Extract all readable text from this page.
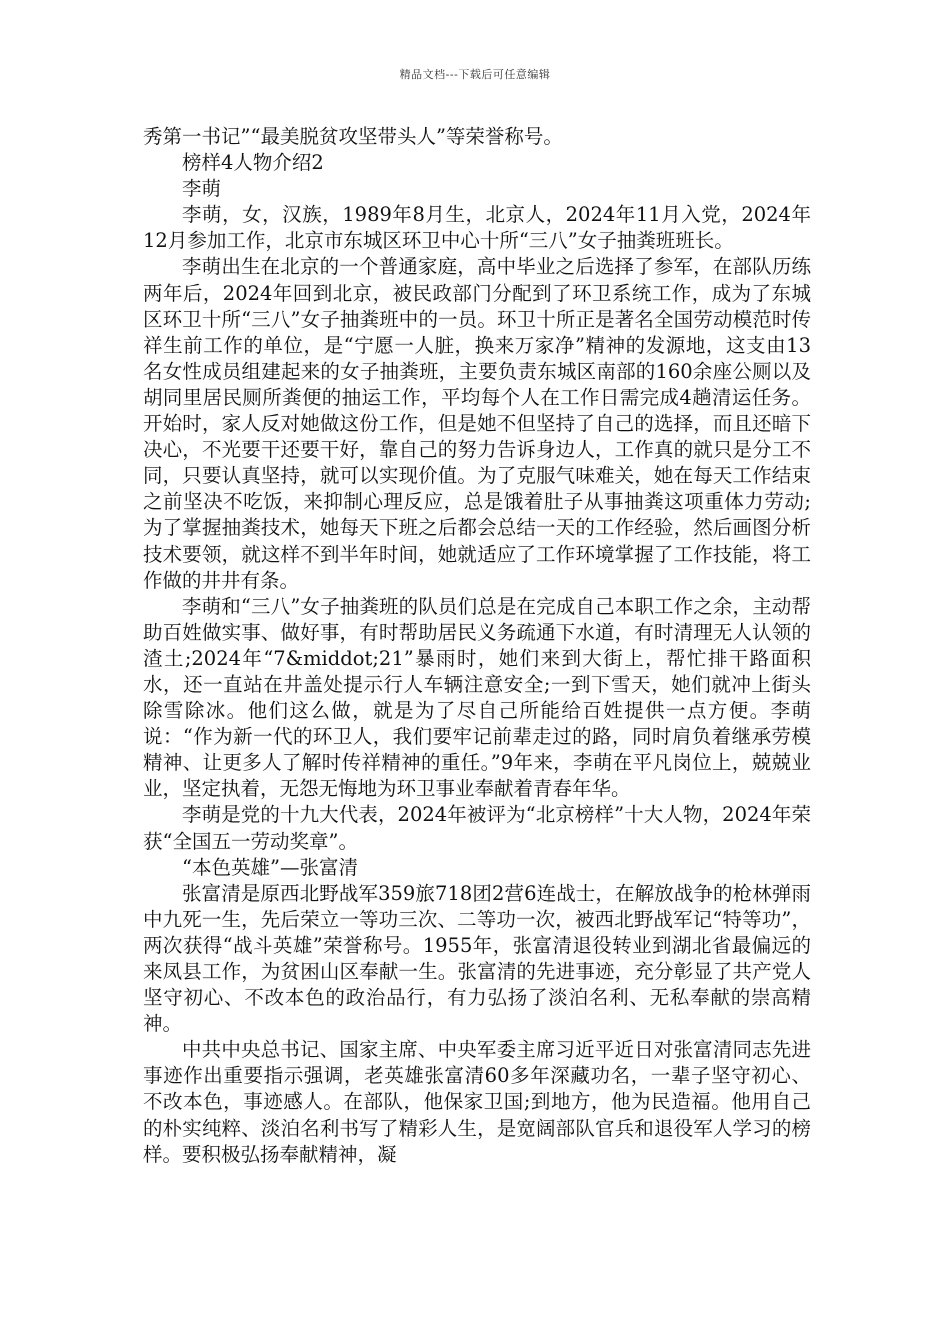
精品文档---下载后可任意编辑

秀第一书记”“最美脱贫攻坚带头人”等荣誉称号。

榜样4人物介绍2

李萌

李萌，女，汉族，1989年8月生，北京人，2024年11月入党，2024年12月参加工作，北京市东城区环卫中心十所“三八”女子抽粪班班长。

李萌出生在北京的一个普通家庭，高中毕业之后选择了参军，在部队历练两年后，2024年回到北京，被民政部门分配到了环卫系统工作，成为了东城区环卫十所“三八”女子抽粪班中的一员。环卫十所正是著名全国劳动模范时传祥生前工作的单位，是“宁愿一人脏，换来万家净”精神的发源地，这支由13名女性成员组建起来的女子抽粪班，主要负责东城区南部的160余座公厕以及胡同里居民厕所粪便的抽运工作，平均每个人在工作日需完成4趟清运任务。开始时，家人反对她做这份工作，但是她不但坚持了自己的选择，而且还暗下决心，不光要干还要干好，靠自己的努力告诉身边人，工作真的就只是分工不同，只要认真坚持，就可以实现价值。为了克服气味难关，她在每天工作结束之前坚决不吃饭，来抑制心理反应，总是饿着肚子从事抽粪这项重体力劳动;为了掌握抽粪技术，她每天下班之后都会总结一天的工作经验，然后画图分析技术要领，就这样不到半年时间，她就适应了工作环境掌握了工作技能，将工作做的井井有条。

李萌和“三八”女子抽粪班的队员们总是在完成自己本职工作之余，主动帮助百姓做实事、做好事，有时帮助居民义务疏通下水道，有时清理无人认领的渣土;2024年“7&middot;21”暴雨时，她们来到大街上，帮忙排干路面积水，还一直站在井盖处提示行人车辆注意安全;一到下雪天，她们就冲上街头除雪除冰。他们这么做，就是为了尽自己所能给百姓提供一点方便。李萌说：“作为新一代的环卫人，我们要牢记前辈走过的路，同时肩负着继承劳模精神、让更多人了解时传祥精神的重任。”9年来，李萌在平凡岗位上，兢兢业业，坚定执着，无怨无悔地为环卫事业奉献着青春年华。

李萌是党的十九大代表，2024年被评为“北京榜样”十大人物，2024年荣获“全国五一劳动奖章”。

“本色英雄”—张富清

张富清是原西北野战军359旅718团2营6连战士，在解放战争的枪林弹雨中九死一生，先后荣立一等功三次、二等功一次，被西北野战军记“特等功”，两次获得“战斗英雄”荣誉称号。1955年，张富清退役转业到湖北省最偏远的来凤县工作，为贫困山区奉献一生。张富清的先进事迹，充分彰显了共产党人坚守初心、不改本色的政治品行，有力弘扬了淡泊名利、无私奉献的崇高精神。

中共中央总书记、国家主席、中央军委主席习近平近日对张富清同志先进事迹作出重要指示强调，老英雄张富清60多年深藏功名，一辈子坚守初心、不改本色，事迹感人。在部队，他保家卫国;到地方，他为民造福。他用自己的朴实纯粹、淡泊名利书写了精彩人生，是宽阔部队官兵和退役军人学习的榜样。要积极弘扬奉献精神，凝
